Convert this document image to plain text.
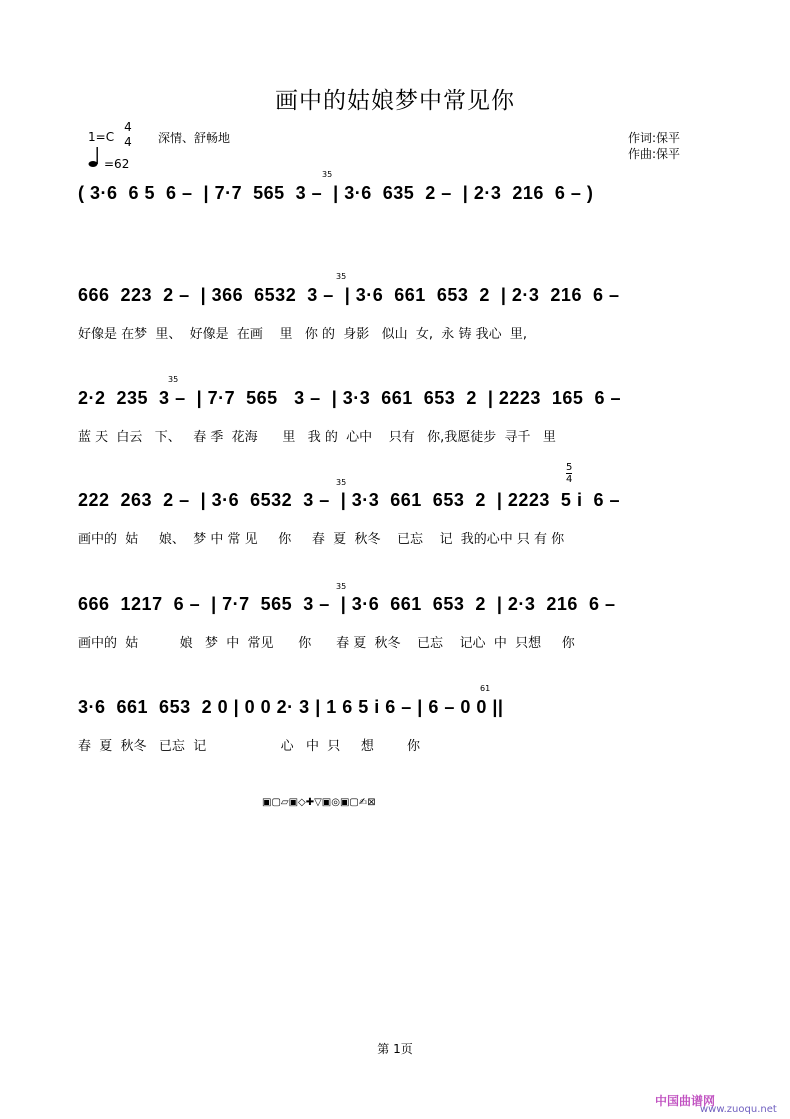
画中的姑娘梦中常见你
1=C
4
4
=62
深情、舒畅地	作词:保平
作曲:保平
( 3·6  6 5  6 –  | 7·7  565  3 –  | 3·6  635  2 –  | 2·3  216  6 – )
666  223  2 –  | 366  6532  3 –  | 3·6  661  653  2  | 2·3  216  6 –
好像是 在梦  里、  好像是  在画    里   你 的  身影   似山  女,  永 铸 我心  里,
2·2  235  3 –  | 7·7  565   3 –  | 3·3  661  653  2  | 2223  165  6 –
蓝 天  白云   下、   春 季  花海      里   我 的  心中    只有   你,我愿徒步  寻千   里
222  263  2 –  | 3·6  6532  3 –  | 3·3  661  653  2  | 2223  5 i  6 –
画中的  姑     娘、  梦 中 常 见     你     春  夏  秋冬    已忘    记  我的心中 只 有 你
666  1217  6 –  | 7·7  565  3 –  | 3·6  661  653  2  | 2·3  216  6 –
画中的  姑          娘   梦  中  常见      你      春 夏  秋冬    已忘    记心  中  只想     你
3·6  661  653  2 0 | 0 0 2· 3 | 1 6 5 i 6 – | 6 – 0 0 ||
春  夏  秋冬   已忘  记                  心   中  只     想        你
5
4
35
35
35
35
35
61
▣▢▱▣◇✚▽▣◎▣▢✍⊠
第 1页
中国曲谱网
www.zuoqu.net
